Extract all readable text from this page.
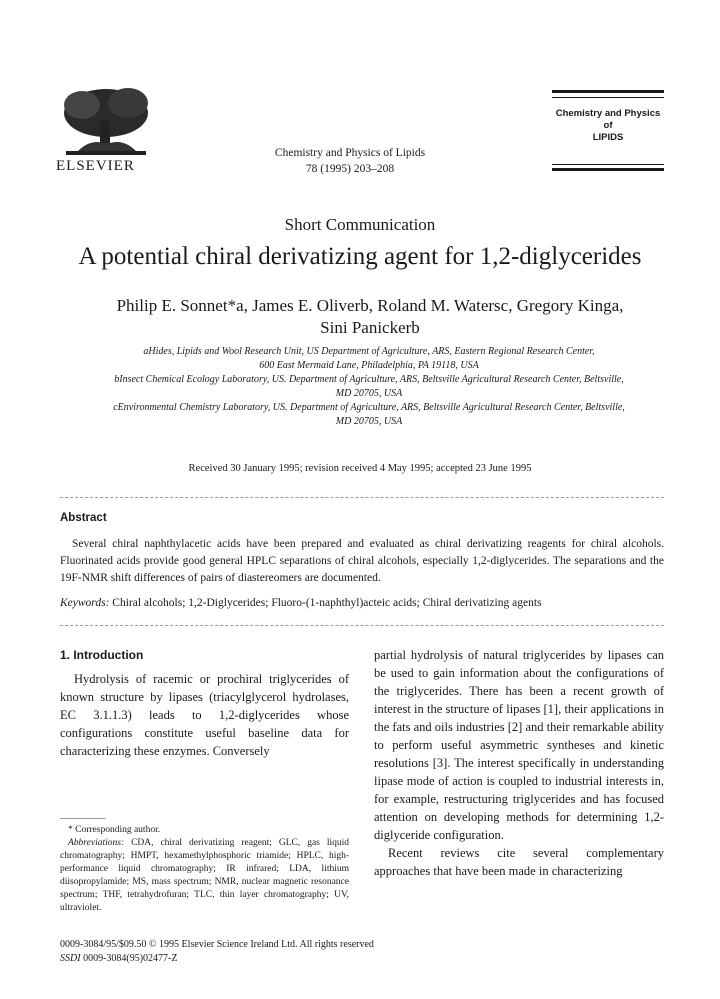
ELSEVIER
Chemistry and Physics of Lipids
78 (1995) 203–208
Chemistry and Physics
of
LIPIDS
Short Communication
A potential chiral derivatizing agent for 1,2-diglycerides
Philip E. Sonnet*a, James E. Oliverb, Roland M. Watersc, Gregory Kinga,
Sini Panickerb
aHides, Lipids and Wool Research Unit, US Department of Agriculture, ARS, Eastern Regional Research Center,
600 East Mermaid Lane, Philadelphia, PA 19118, USA
bInsect Chemical Ecology Laboratory, US. Department of Agriculture, ARS, Beltsville Agricultural Research Center, Beltsville,
MD 20705, USA
cEnvironmental Chemistry Laboratory, US. Department of Agriculture, ARS, Beltsville Agricultural Research Center, Beltsville,
MD 20705, USA
Received 30 January 1995; revision received 4 May 1995; accepted 23 June 1995
Abstract
Several chiral naphthylacetic acids have been prepared and evaluated as chiral derivatizing reagents for chiral alcohols. Fluorinated acids provide good general HPLC separations of chiral alcohols, especially 1,2-diglycerides. The separations and the 19F-NMR shift differences of pairs of diastereomers are documented.
Keywords: Chiral alcohols; 1,2-Diglycerides; Fluoro-(1-naphthyl)acteic acids; Chiral derivatizing agents
1. Introduction

Hydrolysis of racemic or prochiral triglycerides of known structure by lipases (triacylglycerol hydrolases, EC 3.1.1.3) leads to 1,2-diglycerides whose configurations constitute useful baseline data for characterizing these enzymes. Conversely

partial hydrolysis of natural triglycerides by lipases can be used to gain information about the configurations of the triglycerides. There has been a recent growth of interest in the structure of lipases [1], their applications in the fats and oils industries [2] and their remarkable ability to perform useful asymmetric syntheses and kinetic resolutions [3]. The interest specifically in understanding lipase mode of action is coupled to industrial interests in, for example, restructuring triglycerides and has focused attention on developing methods for determining 1,2-diglyceride configuration.

Recent reviews cite several complementary approaches that have been made in characterizing

* Corresponding author.

Abbreviations: CDA, chiral derivatizing reagent; GLC, gas liquid chromatography; HMPT, hexamethylphosphoric triamide; HPLC, high-performance liquid chromatography; IR infrared; LDA, lithium diisopropylamide; MS, mass spectrum; NMR, nuclear magnetic resonance spectrum; THF, tetrahydrofuran; TLC, thin layer chromatography; UV, ultraviolet.

0009-3084/95/$09.50 © 1995 Elsevier Science Ireland Ltd. All rights reserved
SSDI 0009-3084(95)02477-Z
